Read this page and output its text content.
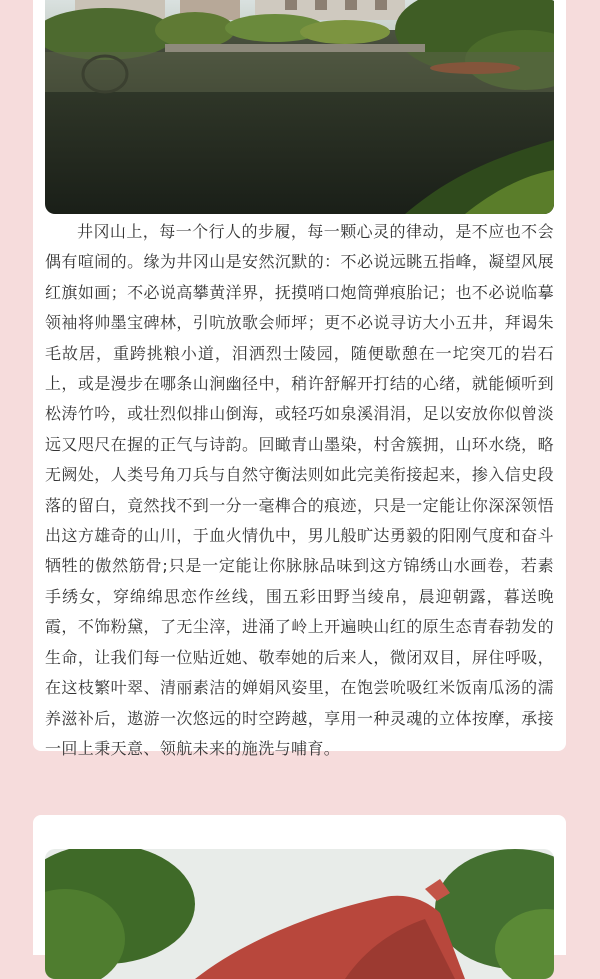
井冈山上，每一个行人的步履，每一颗心灵的律动，是不应也不会偶有喧闹的。缘为井冈山是安然沉默的：不必说远眺五指峰，凝望风展红旗如画；不必说高攀黄洋界，抚摸哨口炮筒弹痕胎记；也不必说临摹领袖将帅墨宝碑林，引吭放歌会师坪；更不必说寻访大小五井，拜谒朱毛故居，重跨挑粮小道，泪洒烈士陵园，随便歇憩在一坨突兀的岩石上，或是漫步在哪条山涧幽径中，稍许舒解开打结的心绪，就能倾听到松涛竹吟，或壮烈似排山倒海，或轻巧如泉溪涓涓，足以安放你似曾淡远又咫尺在握的正气与诗韵。回瞰青山墨染，村舍簇拥，山环水绕，略无阙处，人类号角刀兵与自然守衡法则如此完美衔接起来，掺入信史段落的留白，竟然找不到一分一毫榫合的痕迹，只是一定能让你深深领悟出这方雄奇的山川，于血火情仇中，男儿般旷达勇毅的阳刚气度和奋斗牺牲的傲然筋骨;只是一定能让你脉脉品味到这方锦绣山水画卷，若素手绣女，穿绵绵思恋作丝线，围五彩田野当绫帛，晨迎朝露，暮送晚霞，不饰粉黛，了无尘滓，进涌了岭上开遍映山红的原生态青春勃发的生命，让我们每一位贴近她、敬奉她的后来人，微闭双目，屏住呼吸，在这枝繁叶翠、清丽素洁的婵娟风姿里，在饱尝吮吸红米饭南瓜汤的濡养滋补后，遨游一次悠远的时空跨越，享用一种灵魂的立体按摩，承接一回上秉天意、领航未来的施洗与哺育。
